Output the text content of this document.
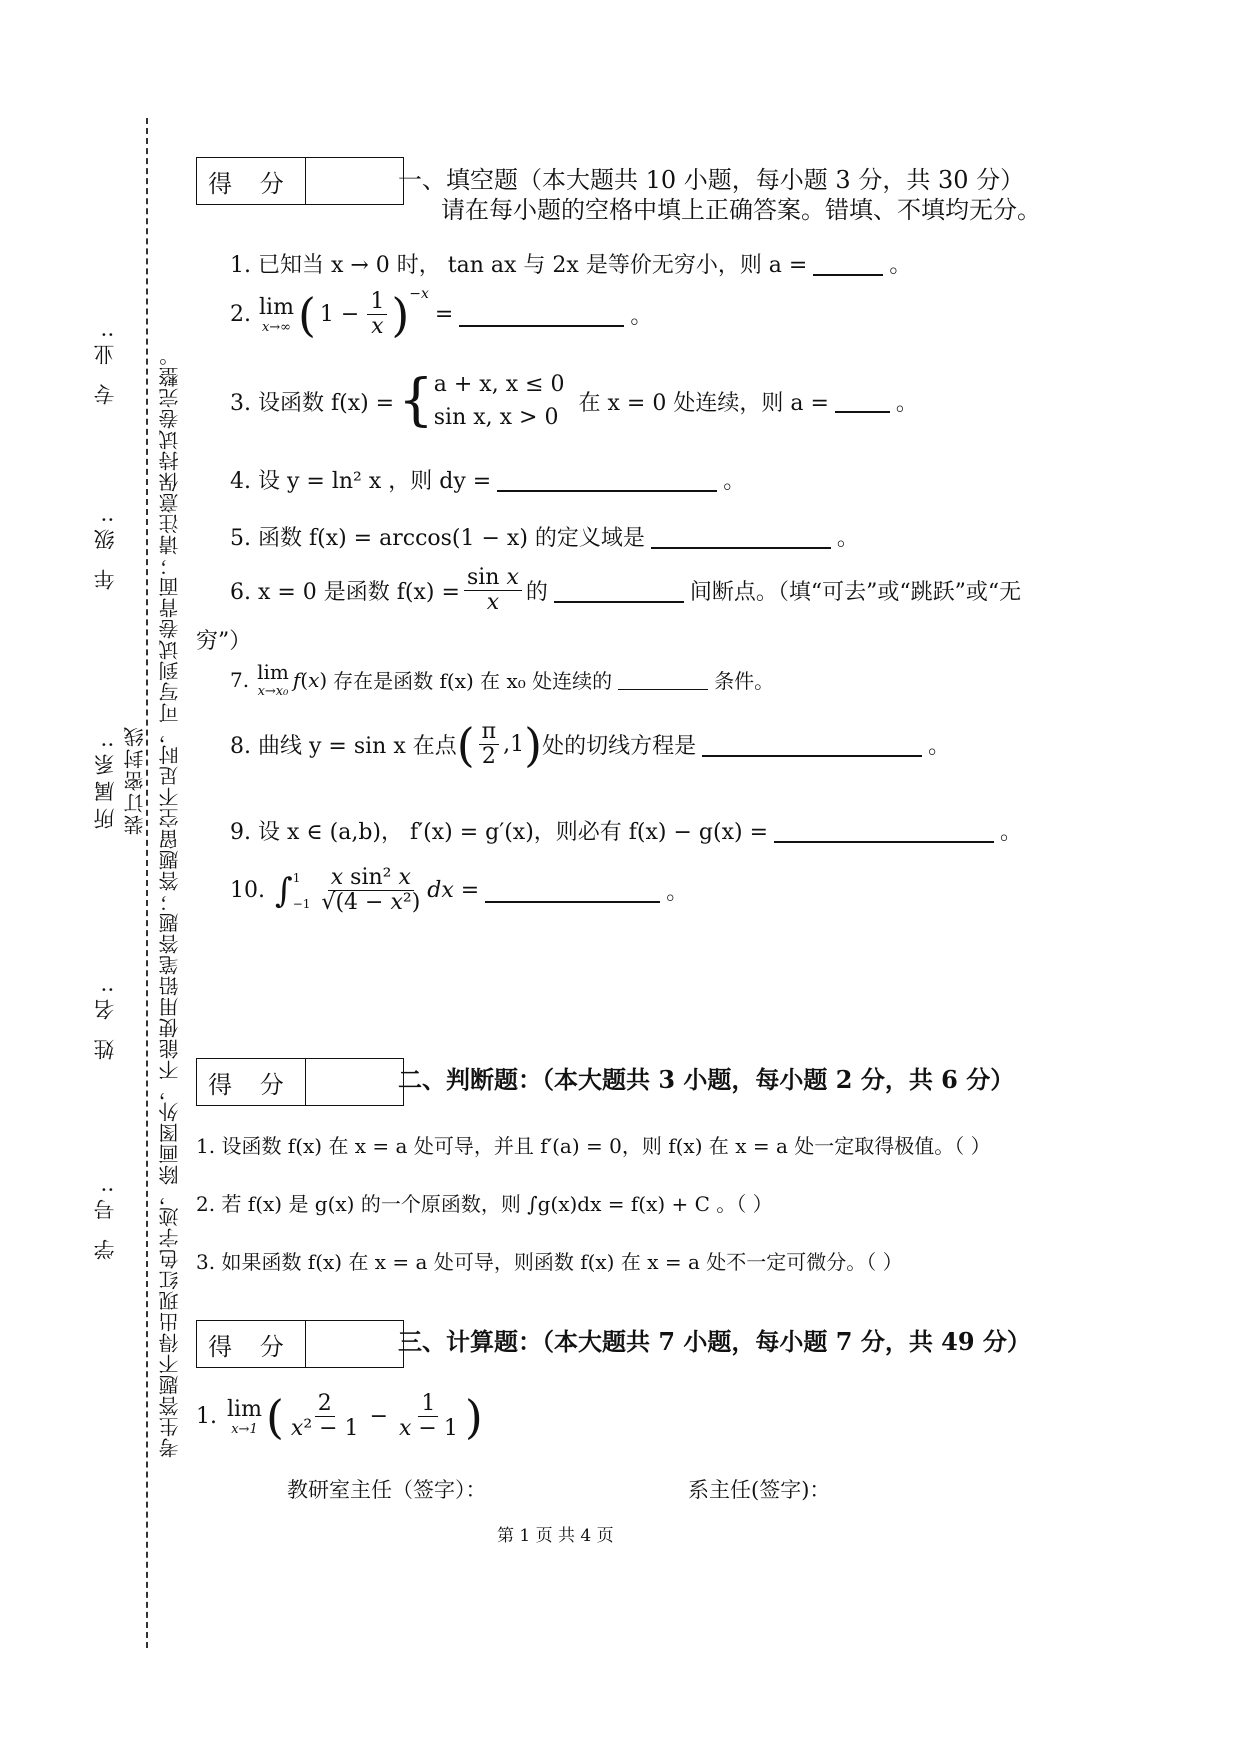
专 业:
年 级:
所属系:
姓 名:
学 号:
装订密封线 考生答题不得出现红色字迹，除画图外，不能使用铅笔答题；答题留空不足时，可写到试卷背面；请注意保持试卷完整。
得 分	一、填空题（本大题共 10 小题，每小题 3 分，共 30 分）
请在每小题的空格中填上正确答案。错填、不填均无分。
1. 已知当 x → 0 时， tan ax 与 2x 是等价无穷小，则 a =	。
2. lim
x→∞ ( $1 - \frac{1}{x}$ ) −x
=	。
3. 设函数 f(x) = { a + x, x ≤ 0
sin x, x > 0
在 x = 0 处连续，则 a =	。
4. 设 y = ln² x ，则 dy =	。
5. 函数 f(x) = arccos(1 − x) 的定义域是	。
6. x = 0 是函数 $f(x) = \frac{\text{sin x}}{x}$ 的	间断点。（填“可去”或“跳跃”或“无
穷”）
7. lim
x→x₀ f(x) 存在是函数 f(x) 在 x₀ 处连续的	条件。
8. 曲线 y = sin x 在点 ( $\frac{\pi}{2} ,1$ ) 处的切线方程是	。
9. 设 x ∈ (a,b)， f′(x) = g′(x)，则必有 f(x) − g(x) =	。
10. ∫ 1
$-1 \frac{\text{x sin² x}}{\text{√(4 − x²)}}$ dx =	。
得 分	二、判断题：（本大题共 3 小题，每小题 2 分，共 6 分）
1. 设函数 f(x) 在 x = a 处可导，并且 f′(a) = 0，则 f(x) 在 x = a 处一定取得极值。（ ）
2. 若 f(x) 是 g(x) 的一个原函数，则 ∫g(x)dx = f(x) + C 。（ ）
3. 如果函数 f(x) 在 x = a 处可导，则函数 f(x) 在 x = a 处不一定可微分。（ ）
得 分	三、计算题：（本大题共 7 小题，每小题 7 分，共 49 分）
1. lim
x→1 ( $\frac{2}{\text{x² − 1}} - \frac{1}{x - 1}$ )
教研室主任（签字）：	系主任(签字)：
第 1 页 共 4 页
